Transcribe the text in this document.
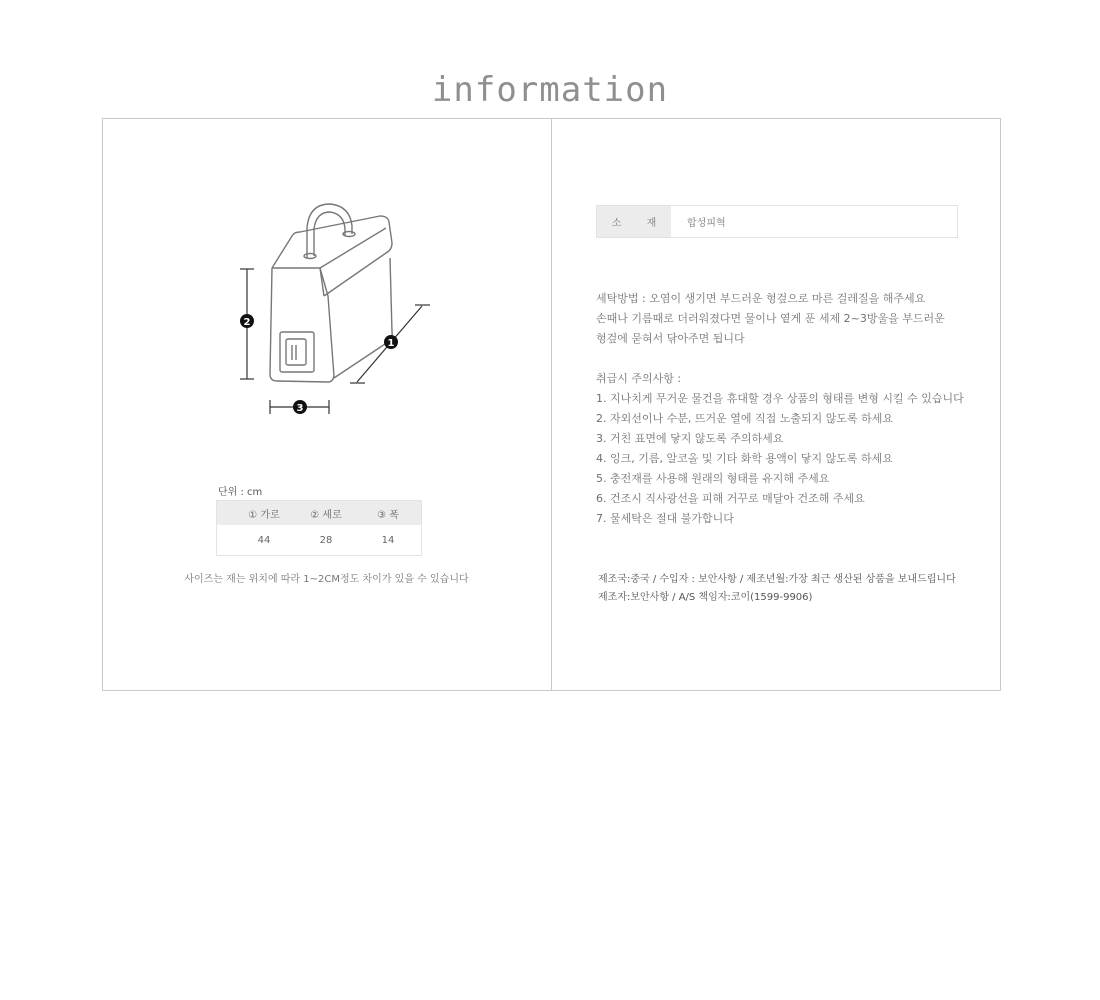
information
1
2
3
단위 : cm
① 가로	② 세로	③ 폭
44	28	14
사이즈는 재는 위치에 따라 1~2CM정도 차이가 있을 수 있습니다
소 재	합성피혁

세탁방법 : 오염이 생기면 부드러운 헝겊으로 마른 걸레질을 해주세요

손때나 기름때로 더러워졌다면 물이나 옅게 푼 세제 2~3방울을 부드러운

헝겊에 묻혀서 닦아주면 됩니다

취급시 주의사항 :

1. 지나치게 무거운 물건을 휴대할 경우 상품의 형태를 변형 시킬 수 있습니다

2. 자외선이나 수분, 뜨거운 열에 직접 노출되지 않도록 하세요

3. 거친 표면에 닿지 않도록 주의하세요

4. 잉크, 기름, 알코올 및 기타 화학 용액이 닿지 않도록 하세요

5. 충전재를 사용해 원래의 형태를 유지해 주세요

6. 건조시 직사광선을 피해 거꾸로 매달아 건조해 주세요

7. 물세탁은 절대 불가합니다

제조국:중국 / 수입자 : 보안사항 / 제조년월:가장 최근 생산된 상품을 보내드립니다

제조자:보안사항 / A/S 책임자:코이(1599-9906)
